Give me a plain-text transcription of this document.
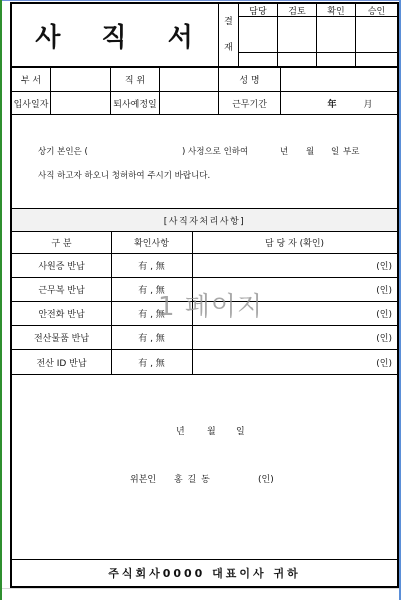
사 직 서
결
재
담당	검토	확인	승인
부 서	직 위	성 명
입사일자	퇴사예정일	근무기간	年	月
상기 본인은 (	) 사정으로 인하여	년 월 일 부로
사직 하고자 하오니 청허하여 주시기 바랍니다.
[사직자처리사항]
구 분	확인사항	담 당 자 (확인)
사원증 반납	有 , 無	(인)
근무복 반납	有 , 無	(인)
안전화 반납	有 , 無	(인)
전산물품 반납	有 , 無	(인)
전산 ID 반납	有 , 無	(인)
1 페이지
년 월 일
위본인 홍 길 동	(인)
주식회사0000 대표이사 귀하
